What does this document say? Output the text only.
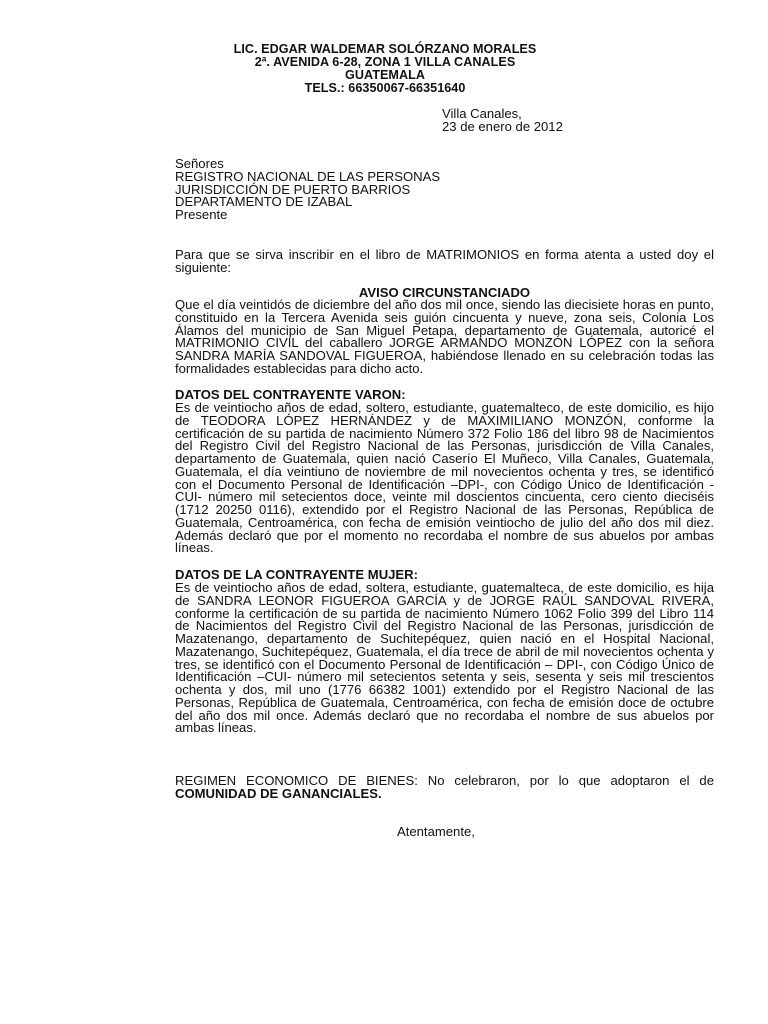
LIC. EDGAR WALDEMAR SOLÓRZANO MORALES
2ª. AVENIDA 6-28, ZONA 1 VILLA CANALES
GUATEMALA
TELS.: 66350067-66351640
Villa Canales,
23 de enero de 2012
Señores
REGISTRO NACIONAL DE LAS PERSONAS
JURISDICCIÓN DE PUERTO BARRIOS
DEPARTAMENTO DE IZABAL
Presente
Para que se sirva inscribir en el libro de MATRIMONIOS en forma atenta a usted doy el siguiente:
AVISO CIRCUNSTANCIADO
Que el día veintidós de diciembre del año dos mil once, siendo las diecisiete horas en punto, constituido en la Tercera Avenida seis guión cincuenta y nueve, zona seis, Colonia Los Álamos del municipio de San Miguel Petapa, departamento de Guatemala, autoricé el MATRIMONIO CIVIL del caballero JORGE ARMANDO MONZÓN LÓPEZ con la señora SANDRA MARÍA SANDOVAL FIGUEROA, habiéndose llenado en su celebración todas las formalidades establecidas para dicho acto.
DATOS DEL CONTRAYENTE VARON:
Es de veintiocho años de edad, soltero, estudiante, guatemalteco, de este domicilio, es hijo de TEODORA LÓPEZ HERNÁNDEZ y de MAXIMILIANO MONZÓN, conforme la certificación de su partida de nacimiento Número 372 Folio 186 del libro 98 de Nacimientos del Registro Civil del Registro Nacional de las Personas, jurisdicción de Villa Canales, departamento de Guatemala, quien nació Caserío El Muñeco, Villa Canales, Guatemala, Guatemala, el día veintiuno de noviembre de mil novecientos ochenta y tres, se identificó con el Documento Personal de Identificación –DPI-, con Código Único de Identificación -CUI- número mil setecientos doce, veinte mil doscientos cincuenta, cero ciento dieciséis (1712 20250 0116), extendido por el Registro Nacional de las Personas, República de Guatemala, Centroamérica, con fecha de emisión veintiocho de julio del año dos mil diez. Además declaró que por el momento no recordaba el nombre de sus abuelos por ambas líneas.
DATOS DE LA CONTRAYENTE MUJER:
Es de veintiocho años de edad, soltera, estudiante, guatemalteca, de este domicilio, es hija de SANDRA LEONOR FIGUEROA GARCÍA y de JORGE RAÚL SANDOVAL RIVERA, conforme la certificación de su partida de nacimiento Número 1062 Folio 399 del Libro 114 de Nacimientos del Registro Civil del Registro Nacional de las Personas, jurisdicción de Mazatenango, departamento de Suchitepéquez, quien nació en el Hospital Nacional, Mazatenango, Suchitepéquez, Guatemala, el día trece de abril de mil novecientos ochenta y tres, se identificó con el Documento Personal de Identificación – DPI-, con Código Único de Identificación –CUI- número mil setecientos setenta y seis, sesenta y seis mil trescientos ochenta y dos, mil uno (1776 66382 1001) extendido por el Registro Nacional de las Personas, República de Guatemala, Centroamérica, con fecha de emisión doce de octubre del año dos mil once. Además declaró que no recordaba el nombre de sus abuelos por ambas líneas.
REGIMEN ECONOMICO DE BIENES: No celebraron, por lo que adoptaron el de COMUNIDAD DE GANANCIALES.
Atentamente,
